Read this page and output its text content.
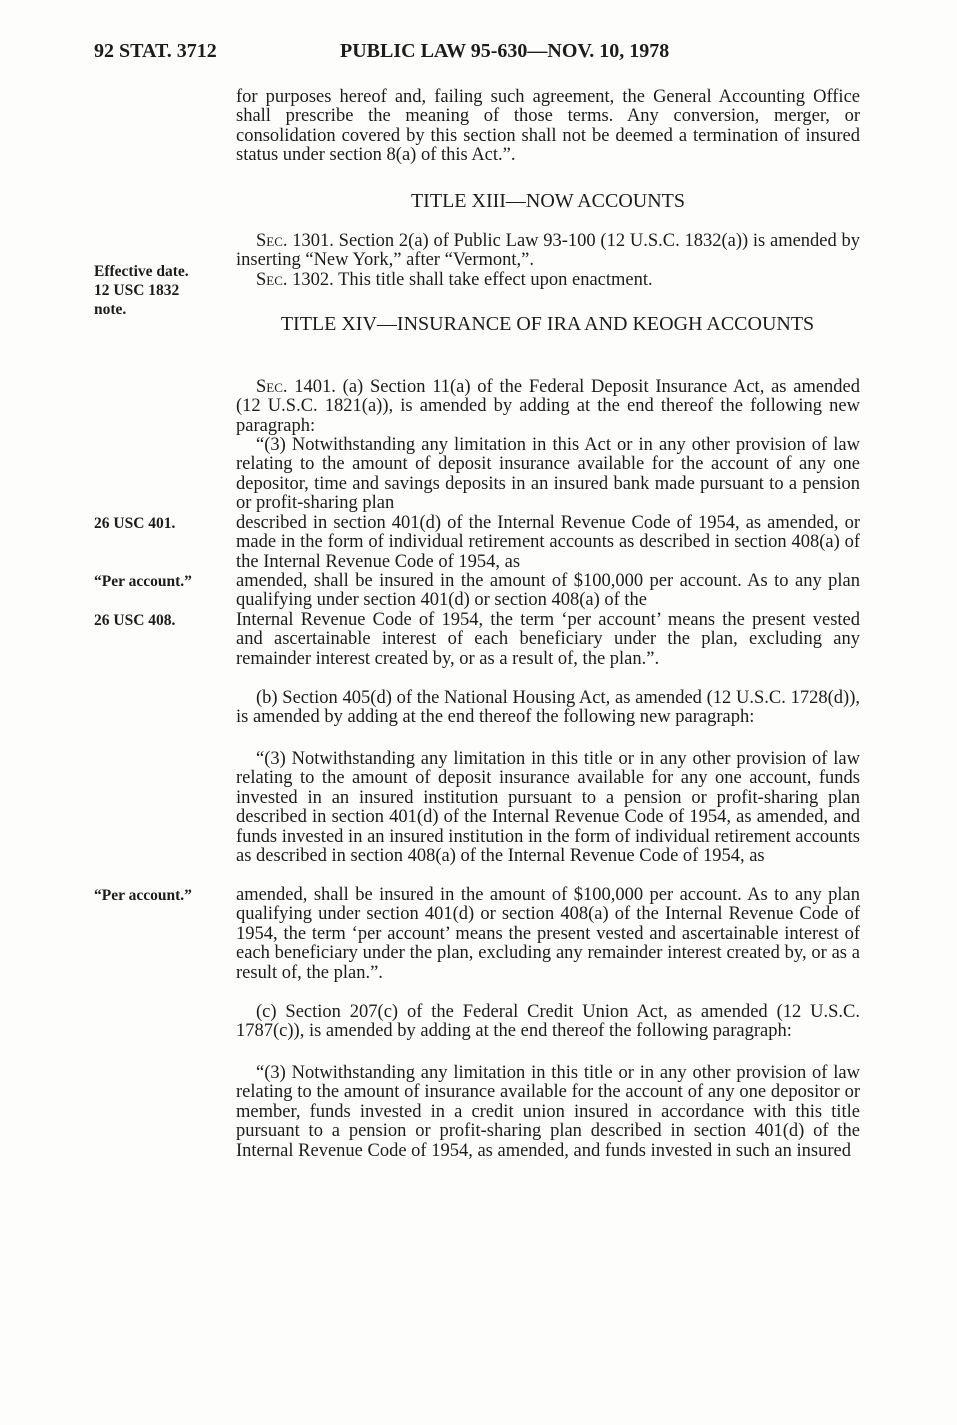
92 STAT. 3712	PUBLIC LAW 95-630—NOV. 10, 1978
Effective date.
12 USC 1832
note.
26 USC 401.
“Per account.”
26 USC 408.
“Per account.”

for purposes hereof and, failing such agreement, the General Accounting Office shall prescribe the meaning of those terms. Any conversion, merger, or consolidation covered by this section shall not be deemed a termination of insured status under section 8(a) of this Act.”.

TITLE XIII—NOW ACCOUNTS

Sec. 1301. Section 2(a) of Public Law 93-100 (12 U.S.C. 1832(a)) is amended by inserting “New York,” after “Vermont,”.

Sec. 1302. This title shall take effect upon enactment.

TITLE XIV—INSURANCE OF IRA AND KEOGH ACCOUNTS

Sec. 1401. (a) Section 11(a) of the Federal Deposit Insurance Act, as amended (12 U.S.C. 1821(a)), is amended by adding at the end thereof the following new paragraph:

“(3) Notwithstanding any limitation in this Act or in any other provision of law relating to the amount of deposit insurance available for the account of any one depositor, time and savings deposits in an insured bank made pursuant to a pension or profit-sharing plan

described in section 401(d) of the Internal Revenue Code of 1954, as amended, or made in the form of individual retirement accounts as described in section 408(a) of the Internal Revenue Code of 1954, as

amended, shall be insured in the amount of $100,000 per account. As to any plan qualifying under section 401(d) or section 408(a) of the

Internal Revenue Code of 1954, the term ‘per account’ means the present vested and ascertainable interest of each beneficiary under the plan, excluding any remainder interest created by, or as a result of, the plan.”.

(b) Section 405(d) of the National Housing Act, as amended (12 U.S.C. 1728(d)), is amended by adding at the end thereof the following new paragraph:

“(3) Notwithstanding any limitation in this title or in any other provision of law relating to the amount of deposit insurance available for any one account, funds invested in an insured institution pursuant to a pension or profit-sharing plan described in section 401(d) of the Internal Revenue Code of 1954, as amended, and funds invested in an insured institution in the form of individual retirement accounts as described in section 408(a) of the Internal Revenue Code of 1954, as

amended, shall be insured in the amount of $100,000 per account. As to any plan qualifying under section 401(d) or section 408(a) of the Internal Revenue Code of 1954, the term ‘per account’ means the present vested and ascertainable interest of each beneficiary under the plan, excluding any remainder interest created by, or as a result of, the plan.”.

(c) Section 207(c) of the Federal Credit Union Act, as amended (12 U.S.C. 1787(c)), is amended by adding at the end thereof the following paragraph:

“(3) Notwithstanding any limitation in this title or in any other provision of law relating to the amount of insurance available for the account of any one depositor or member, funds invested in a credit union insured in accordance with this title pursuant to a pension or profit-sharing plan described in section 401(d) of the Internal Revenue Code of 1954, as amended, and funds invested in such an insured
